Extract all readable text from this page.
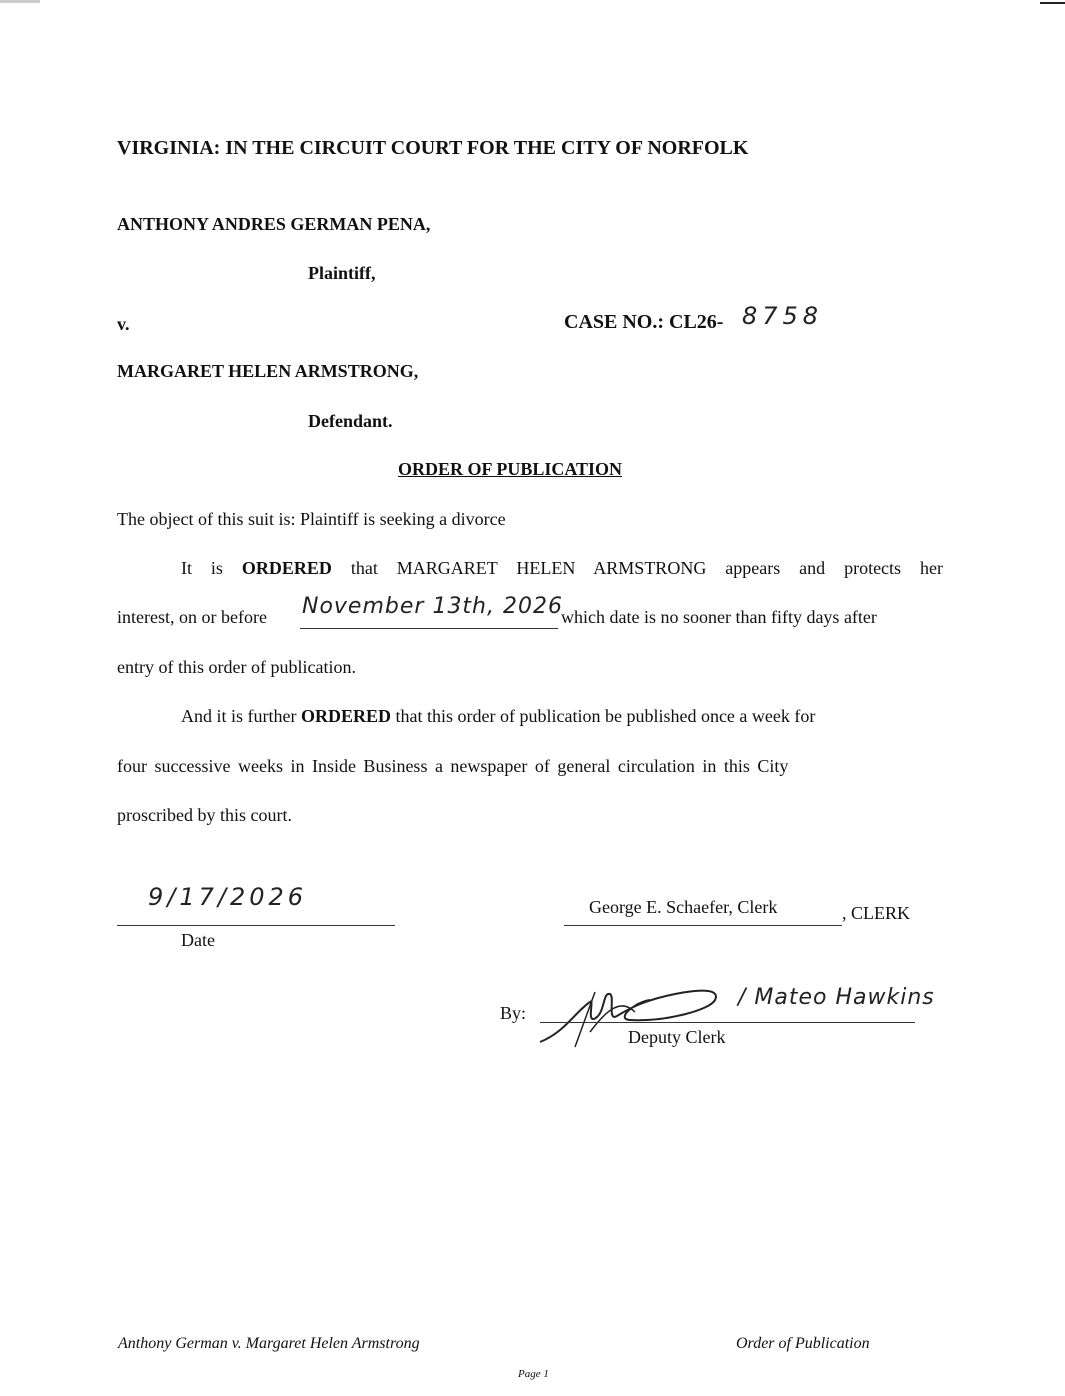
VIRGINIA: IN THE CIRCUIT COURT FOR THE CITY OF NORFOLK
ANTHONY ANDRES GERMAN PENA,
Plaintiff,
v.	CASE NO.: CL26- 8758
MARGARET HELEN ARMSTRONG,
Defendant.
ORDER OF PUBLICATION
The object of this suit is: Plaintiff is seeking a divorce
It is ORDERED that MARGARET HELEN ARMSTRONG appears and protects her
interest, on or before November 13th, 2026
which date is no sooner than fifty days after
entry of this order of publication.
And it is further ORDERED that this order of publication be published once a week for
four successive weeks in Inside Business a newspaper of general circulation in this City
proscribed by this court.
9/17/2026
Date
George E. Schaefer, Clerk	, CLERK
By:
/ Mateo Hawkins
Deputy Clerk
Anthony German v. Margaret Helen Armstrong	Order of Publication
Page 1
